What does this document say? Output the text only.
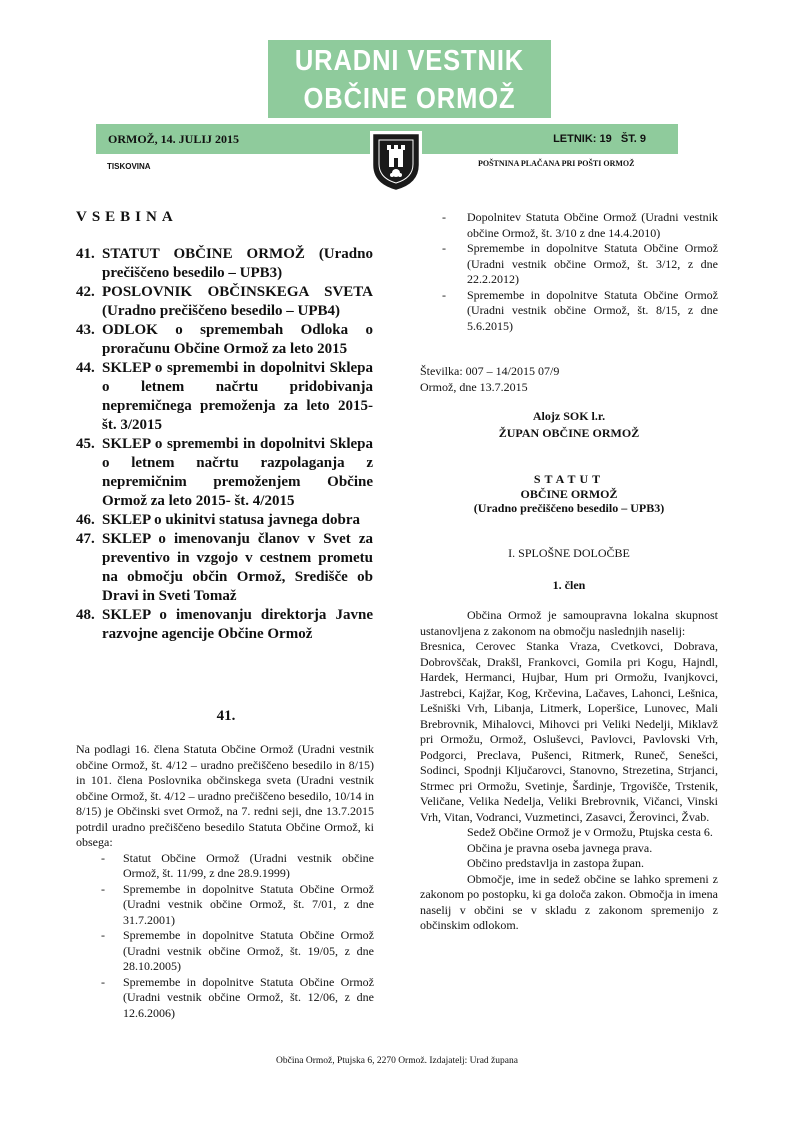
URADNI VESTNIK
OBČINE ORMOŽ
ORMOŽ, 14. JULIJ 2015	LETNIK: 19 ŠT. 9
TISKOVINA	POŠTNINA PLAČANA PRI POŠTI ORMOŽ
VSEBINA
41. STATUT OBČINE ORMOŽ (Uradno prečiščeno besedilo – UPB3)
42. POSLOVNIK OBČINSKEGA SVETA (Uradno prečiščeno besedilo – UPB4)
43. ODLOK o spremembah Odloka o proračunu Občine Ormož za leto 2015
44. SKLEP o spremembi in dopolnitvi Sklepa o letnem načrtu pridobivanja nepremičnega premoženja za leto 2015- št. 3/2015
45. SKLEP o spremembi in dopolnitvi Sklepa o letnem načrtu razpolaganja z nepremičnim premoženjem Občine Ormož za leto 2015- št. 4/2015
46. SKLEP o ukinitvi statusa javnega dobra
47. SKLEP o imenovanju članov v Svet za preventivo in vzgojo v cestnem prometu na območju občin Ormož, Središče ob Dravi in Sveti Tomaž
48. SKLEP o imenovanju direktorja Javne razvojne agencije Občine Ormož
41.
Na podlagi 16. člena Statuta Občine Ormož (Uradni vestnik občine Ormož, št. 4/12 – uradno prečiščeno besedilo in 8/15) in 101. člena Poslovnika občinskega sveta (Uradni vestnik občine Ormož, št. 4/12 – uradno prečiščeno besedilo, 10/14 in 8/15) je Občinski svet Ormož, na 7. redni seji, dne 13.7.2015 potrdil uradno prečiščeno besedilo Statuta Občine Ormož, ki obsega:
- Statut Občine Ormož (Uradni vestnik občine Ormož, št. 11/99, z dne 28.9.1999)
- Spremembe in dopolnitve Statuta Občine Ormož (Uradni vestnik občine Ormož, št. 7/01, z dne 31.7.2001)
- Spremembe in dopolnitve Statuta Občine Ormož (Uradni vestnik občine Ormož, št. 19/05, z dne 28.10.2005)
- Spremembe in dopolnitve Statuta Občine Ormož (Uradni vestnik občine Ormož, št. 12/06, z dne 12.6.2006)
- Dopolnitev Statuta Občine Ormož (Uradni vestnik občine Ormož, št. 3/10 z dne 14.4.2010)
- Spremembe in dopolnitve Statuta Občine Ormož (Uradni vestnik občine Ormož, št. 3/12, z dne 22.2.2012)
- Spremembe in dopolnitve Statuta Občine Ormož (Uradni vestnik občine Ormož, št. 8/15, z dne 5.6.2015)
Številka: 007 – 14/2015 07/9
Ormož, dne 13.7.2015
Alojz SOK l.r.
ŽUPAN OBČINE ORMOŽ
STATUT
OBČINE ORMOŽ
(Uradno prečiščeno besedilo – UPB3)
I. SPLOŠNE DOLOČBE
1. člen

Občina Ormož je samoupravna lokalna skupnost ustanovljena z zakonom na območju naslednjih naselij:

Bresnica, Cerovec Stanka Vraza, Cvetkovci, Dobrava, Dobrovščak, Drakšl, Frankovci, Gomila pri Kogu, Hajndl, Hardek, Hermanci, Hujbar, Hum pri Ormožu, Ivanjkovci, Jastrebci, Kajžar, Kog, Krčevina, Lačaves, Lahonci, Lešnica, Lešniški Vrh, Libanja, Litmerk, Loperšice, Lunovec, Mali Brebrovnik, Mihalovci, Mihovci pri Veliki Nedelji, Miklavž pri Ormožu, Ormož, Osluševci, Pavlovci, Pavlovski Vrh, Podgorci, Preclava, Pušenci, Ritmerk, Runeč, Senešci, Sodinci, Spodnji Ključarovci, Stanovno, Strezetina, Strjanci, Strmec pri Ormožu, Svetinje, Šardinje, Trgovišče, Trstenik, Veličane, Velika Nedelja, Veliki Brebrovnik, Vičanci, Vinski Vrh, Vitan, Vodranci, Vuzmetinci, Zasavci, Žerovinci, Žvab.

Sedež Občine Ormož je v Ormožu, Ptujska cesta 6.

Občina je pravna oseba javnega prava.

Občino predstavlja in zastopa župan.

Območje, ime in sedež občine se lahko spremeni z zakonom po postopku, ki ga določa zakon. Območja in imena naselij v občini se v skladu z zakonom spremenijo z občinskim odlokom.

Občina Ormož, Ptujska 6, 2270 Ormož. Izdajatelj: Urad župana
